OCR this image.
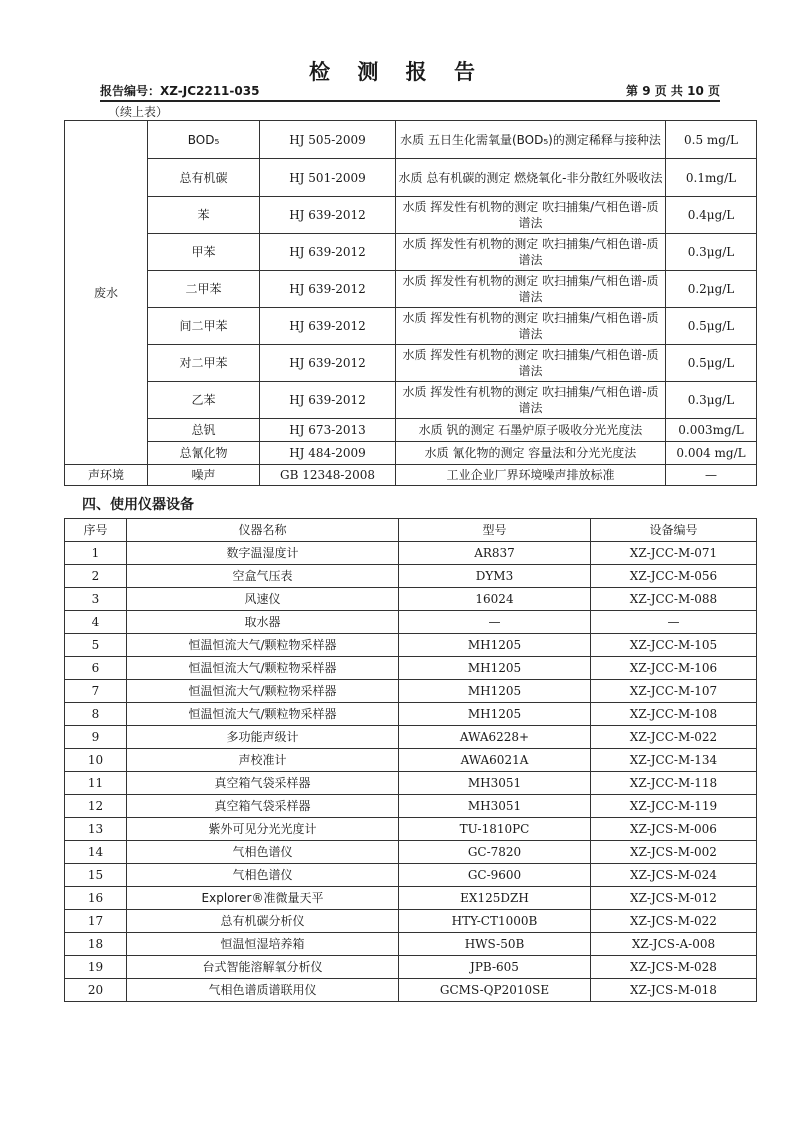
检 测 报 告
报告编号：XZ-JC2211-035	第 9 页 共 10 页
（续上表）
废水	BOD₅	HJ 505-2009	水质 五日生化需氧量(BOD₅)的测定稀释与接种法	0.5 mg/L
	总有机碳	HJ 501-2009	水质 总有机碳的测定 燃烧氧化-非分散红外吸收法	0.1mg/L
	苯	HJ 639-2012	水质 挥发性有机物的测定 吹扫捕集/气相色谱-质谱法	0.4μg/L
	甲苯	HJ 639-2012	水质 挥发性有机物的测定 吹扫捕集/气相色谱-质谱法	0.3μg/L
	二甲苯	HJ 639-2012	水质 挥发性有机物的测定 吹扫捕集/气相色谱-质谱法	0.2μg/L
	间二甲苯	HJ 639-2012	水质 挥发性有机物的测定 吹扫捕集/气相色谱-质谱法	0.5μg/L
	对二甲苯	HJ 639-2012	水质 挥发性有机物的测定 吹扫捕集/气相色谱-质谱法	0.5μg/L
	乙苯	HJ 639-2012	水质 挥发性有机物的测定 吹扫捕集/气相色谱-质谱法	0.3μg/L
	总钒	HJ 673-2013	水质 钒的测定 石墨炉原子吸收分光光度法	0.003mg/L
	总氰化物	HJ 484-2009	水质 氰化物的测定 容量法和分光光度法	0.004 mg/L
声环境	噪声	GB 12348-2008	工业企业厂界环境噪声排放标准	—
四、使用仪器设备
序号	仪器名称	型号	设备编号
1	数字温湿度计	AR837	XZ-JCC-M-071
2	空盒气压表	DYM3	XZ-JCC-M-056
3	风速仪	16024	XZ-JCC-M-088
4	取水器	—	—
5	恒温恒流大气/颗粒物采样器	MH1205	XZ-JCC-M-105
6	恒温恒流大气/颗粒物采样器	MH1205	XZ-JCC-M-106
7	恒温恒流大气/颗粒物采样器	MH1205	XZ-JCC-M-107
8	恒温恒流大气/颗粒物采样器	MH1205	XZ-JCC-M-108
9	多功能声级计	AWA6228+	XZ-JCC-M-022
10	声校准计	AWA6021A	XZ-JCC-M-134
11	真空箱气袋采样器	MH3051	XZ-JCC-M-118
12	真空箱气袋采样器	MH3051	XZ-JCC-M-119
13	紫外可见分光光度计	TU-1810PC	XZ-JCS-M-006
14	气相色谱仪	GC-7820	XZ-JCS-M-002
15	气相色谱仪	GC-9600	XZ-JCS-M-024
16	Explorer®准微量天平	EX125DZH	XZ-JCS-M-012
17	总有机碳分析仪	HTY-CT1000B	XZ-JCS-M-022
18	恒温恒湿培养箱	HWS-50B	XZ-JCS-A-008
19	台式智能溶解氧分析仪	JPB-605	XZ-JCS-M-028
20	气相色谱质谱联用仪	GCMS-QP2010SE	XZ-JCS-M-018
